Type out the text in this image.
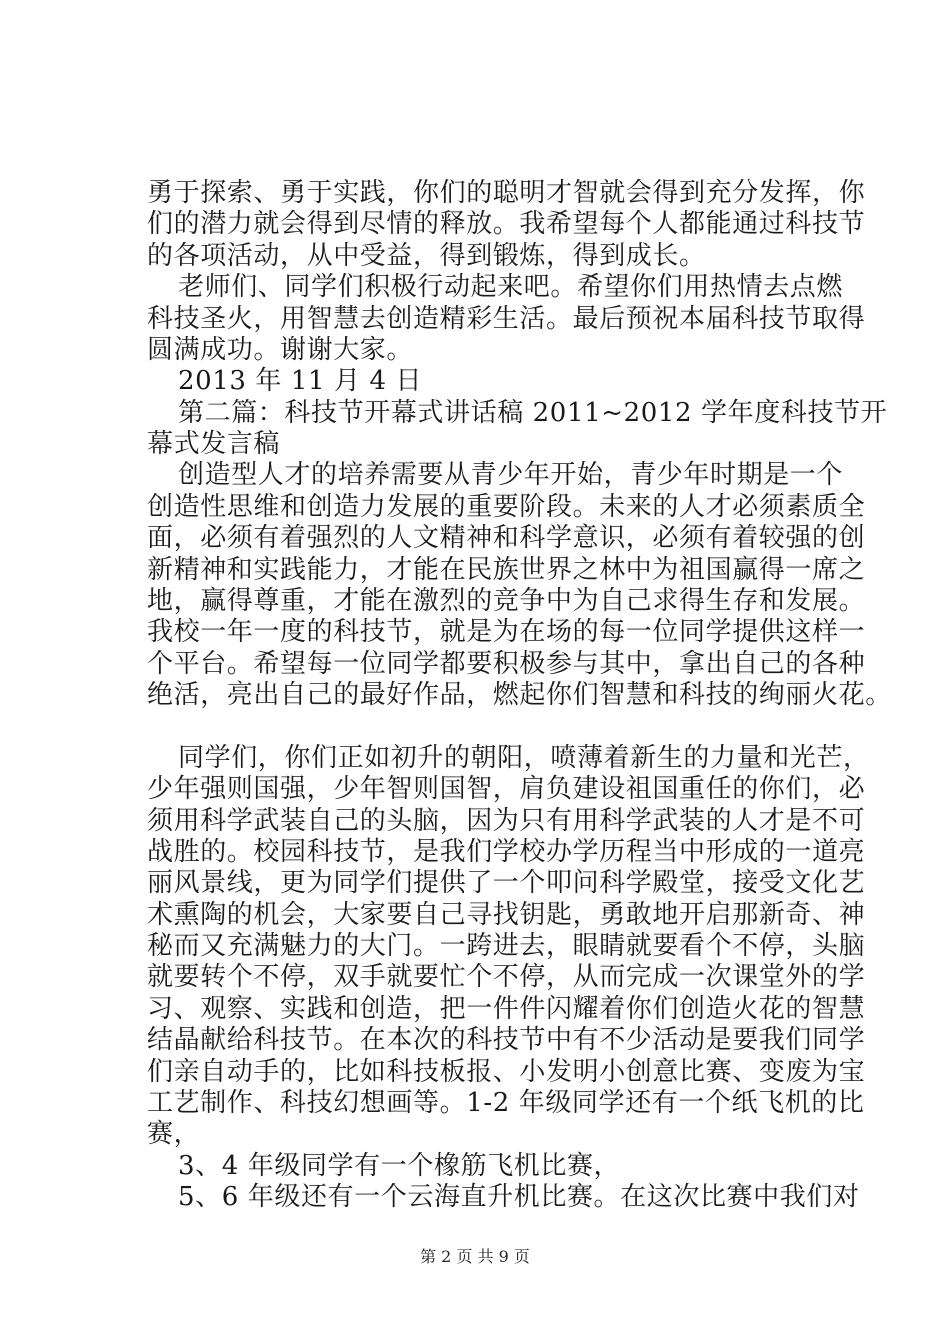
勇于探索、勇于实践，你们的聪明才智就会得到充分发挥，你
们的潜力就会得到尽情的释放。我希望每个人都能通过科技节
的各项活动，从中受益，得到锻炼，得到成长。
老师们、同学们积极行动起来吧。希望你们用热情去点燃
科技圣火，用智慧去创造精彩生活。最后预祝本届科技节取得
圆满成功。谢谢大家。
2013 年 11 月 4 日
第二篇：科技节开幕式讲话稿 2011~2012 学年度科技节开
幕式发言稿
创造型人才的培养需要从青少年开始，青少年时期是一个
创造性思维和创造力发展的重要阶段。未来的人才必须素质全
面，必须有着强烈的人文精神和科学意识，必须有着较强的创
新精神和实践能力，才能在民族世界之林中为祖国赢得一席之
地，赢得尊重，才能在激烈的竞争中为自己求得生存和发展。
我校一年一度的科技节，就是为在场的每一位同学提供这样一
个平台。希望每一位同学都要积极参与其中，拿出自己的各种
绝活，亮出自己的最好作品，燃起你们智慧和科技的绚丽火花。
同学们，你们正如初升的朝阳，喷薄着新生的力量和光芒，
少年强则国强，少年智则国智，肩负建设祖国重任的你们，必
须用科学武装自己的头脑，因为只有用科学武装的人才是不可
战胜的。校园科技节，是我们学校办学历程当中形成的一道亮
丽风景线，更为同学们提供了一个叩问科学殿堂，接受文化艺
术熏陶的机会，大家要自己寻找钥匙，勇敢地开启那新奇、神
秘而又充满魅力的大门。一跨进去，眼睛就要看个不停，头脑
就要转个不停，双手就要忙个不停，从而完成一次课堂外的学
习、观察、实践和创造，把一件件闪耀着你们创造火花的智慧
结晶献给科技节。在本次的科技节中有不少活动是要我们同学
们亲自动手的，比如科技板报、小发明小创意比赛、变废为宝
工艺制作、科技幻想画等。1-2 年级同学还有一个纸飞机的比
赛，
3、4 年级同学有一个橡筋飞机比赛，
5、6 年级还有一个云海直升机比赛。在这次比赛中我们对
第 2 页 共 9 页
